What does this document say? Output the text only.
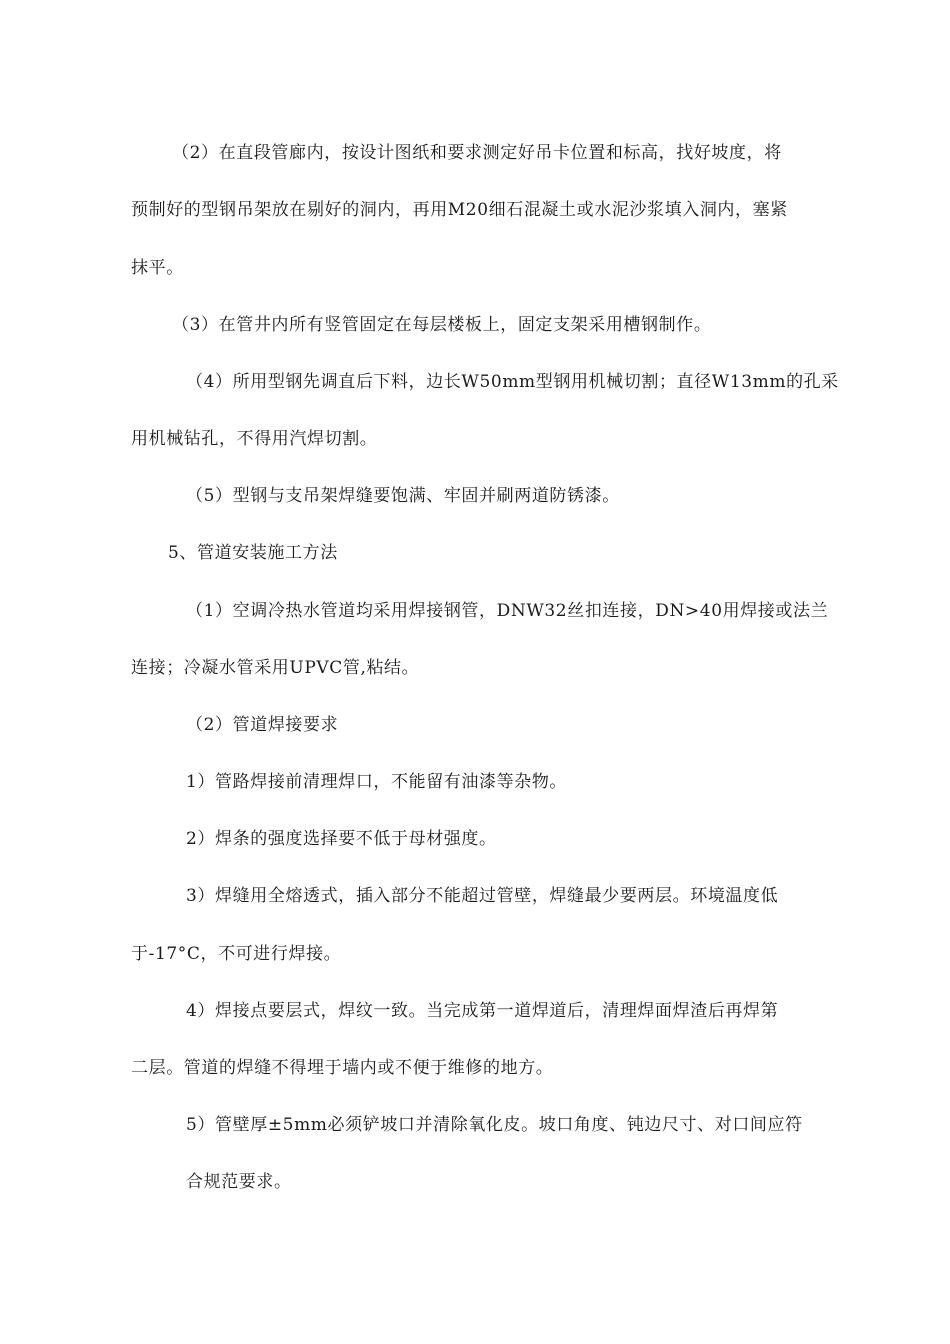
（2）在直段管廊内，按设计图纸和要求测定好吊卡位置和标高，找好坡度，将
预制好的型钢吊架放在剔好的洞内，再用M20细石混凝土或水泥沙浆填入洞内，塞紧
抹平。
（3）在管井内所有竖管固定在每层楼板上，固定支架采用槽钢制作。
（4）所用型钢先调直后下料，边长W50mm型钢用机械切割；直径W13mm的孔采
用机械钻孔，不得用汽焊切割。
（5）型钢与支吊架焊缝要饱满、牢固并刷两道防锈漆。
5、管道安装施工方法
（1）空调冷热水管道均采用焊接钢管，DNW32丝扣连接，DN>40用焊接或法兰
连接；冷凝水管采用UPVC管,粘结。
（2）管道焊接要求
1）管路焊接前清理焊口，不能留有油漆等杂物。
2）焊条的强度选择要不低于母材强度。
3）焊缝用全熔透式，插入部分不能超过管壁，焊缝最少要两层。环境温度低
于-17°C，不可进行焊接。
4）焊接点要层式，焊纹一致。当完成第一道焊道后，清理焊面焊渣后再焊第
二层。管道的焊缝不得埋于墙内或不便于维修的地方。
5）管壁厚±5mm必须铲坡口并清除氧化皮。坡口角度、钝边尺寸、对口间应符
合规范要求。
